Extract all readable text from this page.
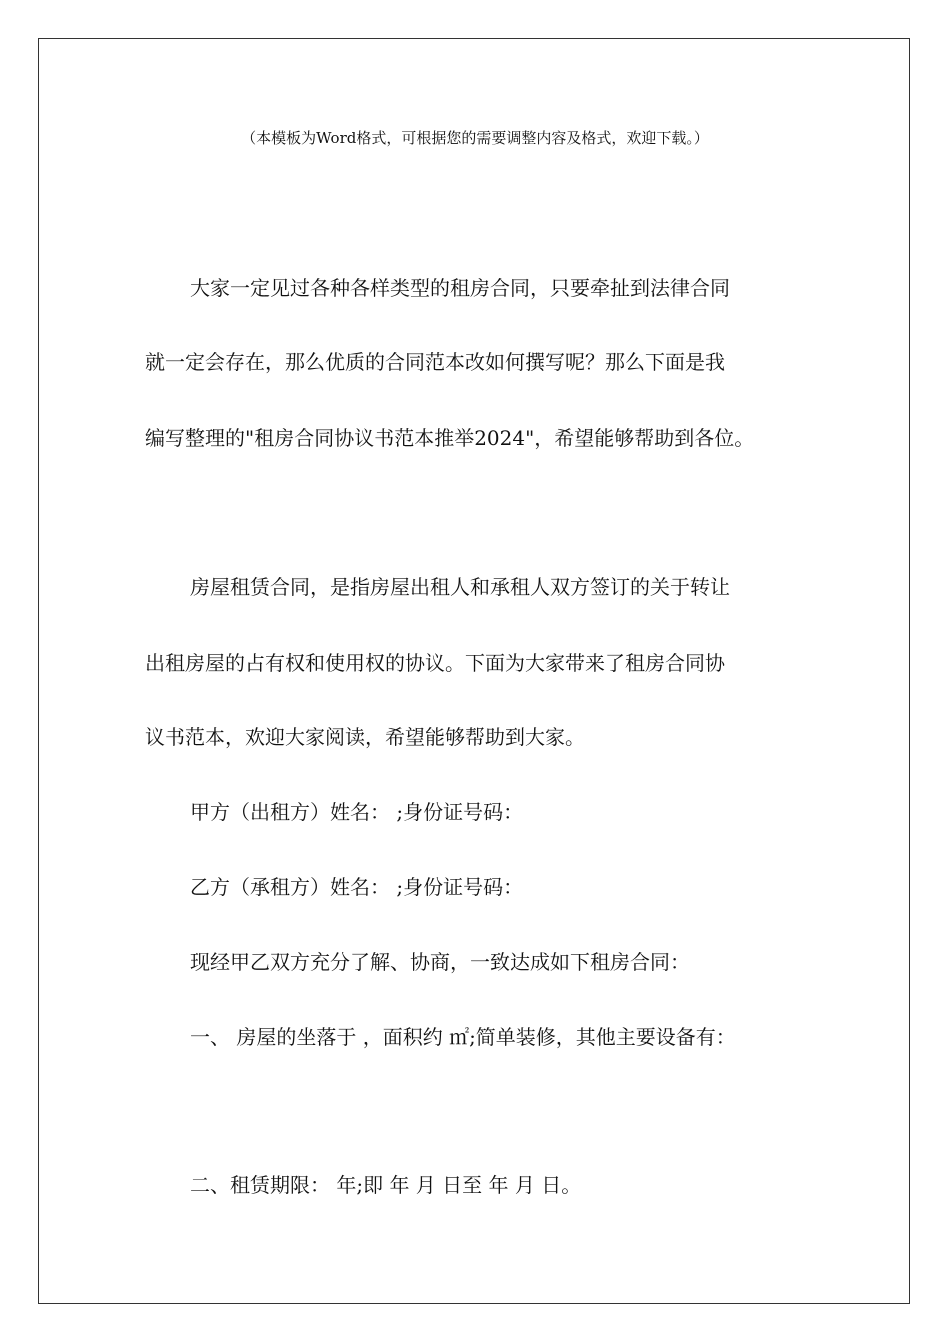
（本模板为Word格式，可根据您的需要调整内容及格式，欢迎下载。）
大家一定见过各种各样类型的租房合同，只要牵扯到法律合同
就一定会存在，那么优质的合同范本改如何撰写呢？那么下面是我
编写整理的"租房合同协议书范本推举2024"，希望能够帮助到各位。
房屋租赁合同，是指房屋出租人和承租人双方签订的关于转让
出租房屋的占有权和使用权的协议。下面为大家带来了租房合同协
议书范本，欢迎大家阅读，希望能够帮助到大家。
甲方（出租方）姓名： ;身份证号码：
乙方（承租方）姓名： ;身份证号码：
现经甲乙双方充分了解、协商，一致达成如下租房合同：
一、 房屋的坐落于 ，面积约 ㎡;简单装修，其他主要设备有：
二、租赁期限： 年;即 年 月 日至 年 月 日。
